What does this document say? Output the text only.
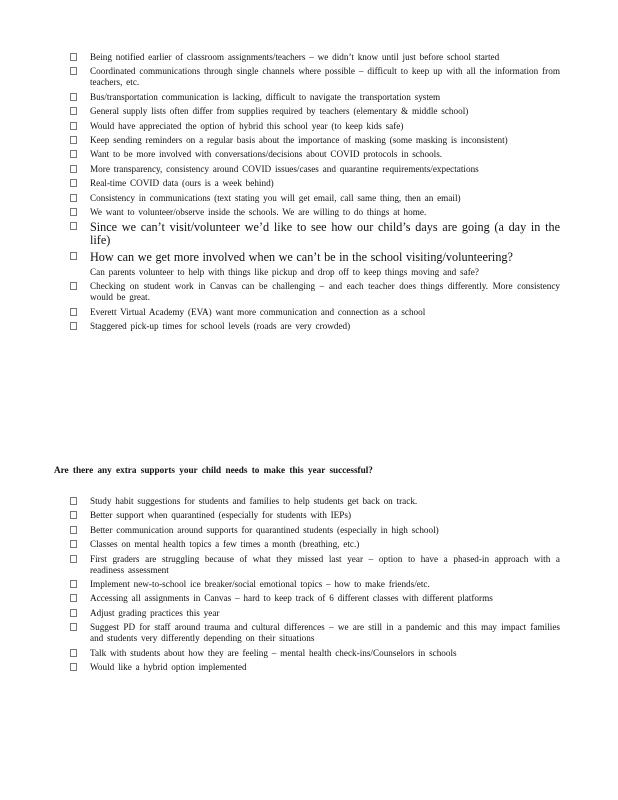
Being notified earlier of classroom assignments/teachers – we didn’t know until just before school started
Coordinated communications through single channels where possible – difficult to keep up with all the information from teachers, etc.
Bus/transportation communication is lacking, difficult to navigate the transportation system
General supply lists often differ from supplies required by teachers (elementary & middle school)
Would have appreciated the option of hybrid this school year (to keep kids safe)
Keep sending reminders on a regular basis about the importance of masking (some masking is inconsistent)
Want to be more involved with conversations/decisions about COVID protocols in schools.
More transparency, consistency around COVID issues/cases and quarantine requirements/expectations
Real-time COVID data (ours is a week behind)
Consistency in communications (text stating you will get email, call same thing, then an email)
We want to volunteer/observe inside the schools. We are willing to do things at home.
Since we can’t visit/volunteer we’d like to see how our child’s days are going (a day in the life)
How can we get more involved when we can’t be in the school visiting/volunteering?
Can parents volunteer to help with things like pickup and drop off to keep things moving and safe?
Checking on student work in Canvas can be challenging – and each teacher does things differently. More consistency would be great.
Everett Virtual Academy (EVA) want more communication and connection as a school
Staggered pick-up times for school levels (roads are very crowded)

Are there any extra supports your child needs to make this year successful?

Study habit suggestions for students and families to help students get back on track.
Better support when quarantined (especially for students with IEPs)
Better communication around supports for quarantined students (especially in high school)
Classes on mental health topics a few times a month (breathing, etc.)
First graders are struggling because of what they missed last year – option to have a phased-in approach with a readiness assessment
Implement new-to-school ice breaker/social emotional topics – how to make friends/etc.
Accessing all assignments in Canvas – hard to keep track of 6 different classes with different platforms
Adjust grading practices this year
Suggest PD for staff around trauma and cultural differences – we are still in a pandemic and this may impact families and students very differently depending on their situations
Talk with students about how they are feeling – mental health check-ins/Counselors in schools
Would like a hybrid option implemented
